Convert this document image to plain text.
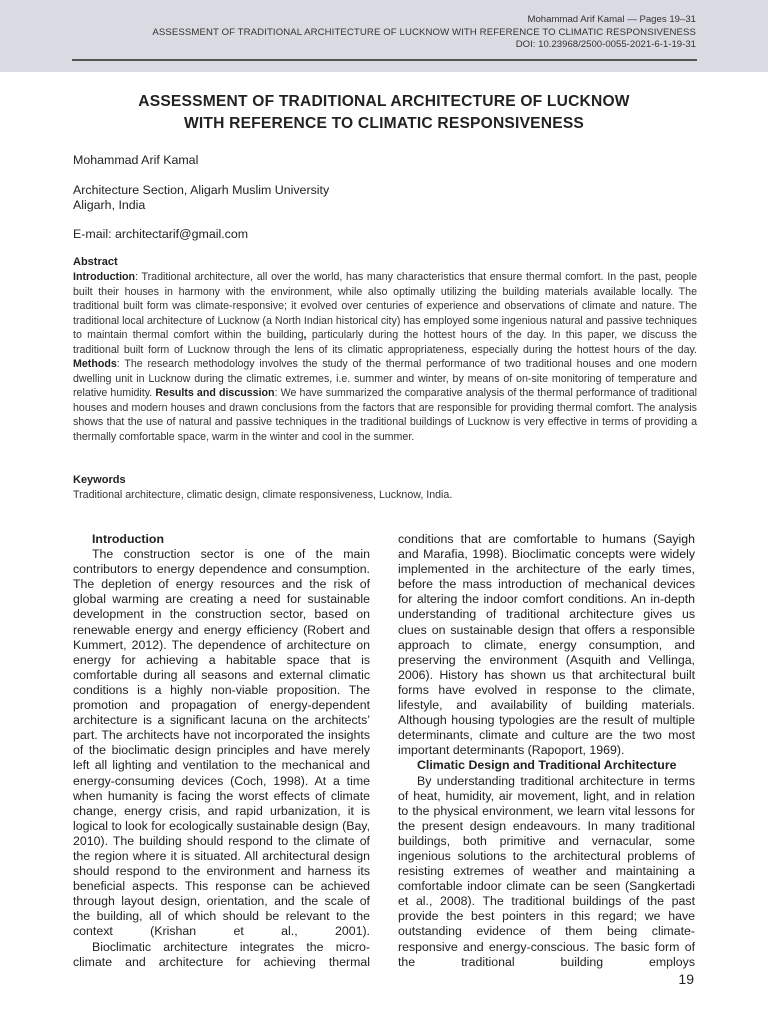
Mohammad Arif Kamal — Pages 19–31
ASSESSMENT OF TRADITIONAL ARCHITECTURE OF LUCKNOW WITH REFERENCE TO CLIMATIC RESPONSIVENESS
DOI: 10.23968/2500-0055-2021-6-1-19-31
ASSESSMENT OF TRADITIONAL ARCHITECTURE OF LUCKNOW
WITH REFERENCE TO CLIMATIC RESPONSIVENESS
Mohammad Arif Kamal
Architecture Section, Aligarh Muslim University
Aligarh, India
E-mail: architectarif@gmail.com
Abstract
Introduction: Traditional architecture, all over the world, has many characteristics that ensure thermal comfort. In the past, people built their houses in harmony with the environment, while also optimally utilizing the building materials available locally. The traditional built form was climate-responsive; it evolved over centuries of experience and observations of climate and nature. The traditional local architecture of Lucknow (a North Indian historical city) has employed some ingenious natural and passive techniques to maintain thermal comfort within the building, particularly during the hottest hours of the day. In this paper, we discuss the traditional built form of Lucknow through the lens of its climatic appropriateness, especially during the hottest hours of the day. Methods: The research methodology involves the study of the thermal performance of two traditional houses and one modern dwelling unit in Lucknow during the climatic extremes, i.e. summer and winter, by means of on-site monitoring of temperature and relative humidity. Results and discussion: We have summarized the comparative analysis of the thermal performance of traditional houses and modern houses and drawn conclusions from the factors that are responsible for providing thermal comfort. The analysis shows that the use of natural and passive techniques in the traditional buildings of Lucknow is very effective in terms of providing a thermally comfortable space, warm in the winter and cool in the summer.
Keywords
Traditional architecture, climatic design, climate responsiveness, Lucknow, India.

Introduction

The construction sector is one of the main contributors to energy dependence and consumption. The depletion of energy resources and the risk of global warming are creating a need for sustainable development in the construction sector, based on renewable energy and energy efficiency (Robert and Kummert, 2012). The dependence of architecture on energy for achieving a habitable space that is comfortable during all seasons and external climatic conditions is a highly non-viable proposition. The promotion and propagation of energy-dependent architecture is a significant lacuna on the architects’ part. The architects have not incorporated the insights of the bioclimatic design principles and have merely left all lighting and ventilation to the mechanical and energy-consuming devices (Coch, 1998). At a time when humanity is facing the worst effects of climate change, energy crisis, and rapid urbanization, it is logical to look for ecologically sustainable design (Bay, 2010). The building should respond to the climate of the region where it is situated. All architectural design should respond to the environment and harness its beneficial aspects. This response can be achieved through layout design, orientation, and the scale of the building, all of which should be relevant to the context (Krishan et al., 2001).

Bioclimatic architecture integrates the micro-climate and architecture for achieving thermal

conditions that are comfortable to humans (Sayigh and Marafia, 1998). Bioclimatic concepts were widely implemented in the architecture of the early times, before the mass introduction of mechanical devices for altering the indoor comfort conditions. An in-depth understanding of traditional architecture gives us clues on sustainable design that offers a responsible approach to climate, energy consumption, and preserving the environment (Asquith and Vellinga, 2006). History has shown us that architectural built forms have evolved in response to the climate, lifestyle, and availability of building materials. Although housing typologies are the result of multiple determinants, climate and culture are the two most important determinants (Rapoport, 1969).

Climatic Design and Traditional Architecture

By understanding traditional architecture in terms of heat, humidity, air movement, light, and in relation to the physical environment, we learn vital lessons for the present design endeavours. In many traditional buildings, both primitive and vernacular, some ingenious solutions to the architectural problems of resisting extremes of weather and maintaining a comfortable indoor climate can be seen (Sangkertadi et al., 2008). The traditional buildings of the past provide the best pointers in this regard; we have outstanding evidence of them being climate-responsive and energy-conscious. The basic form of the traditional building employs

19
